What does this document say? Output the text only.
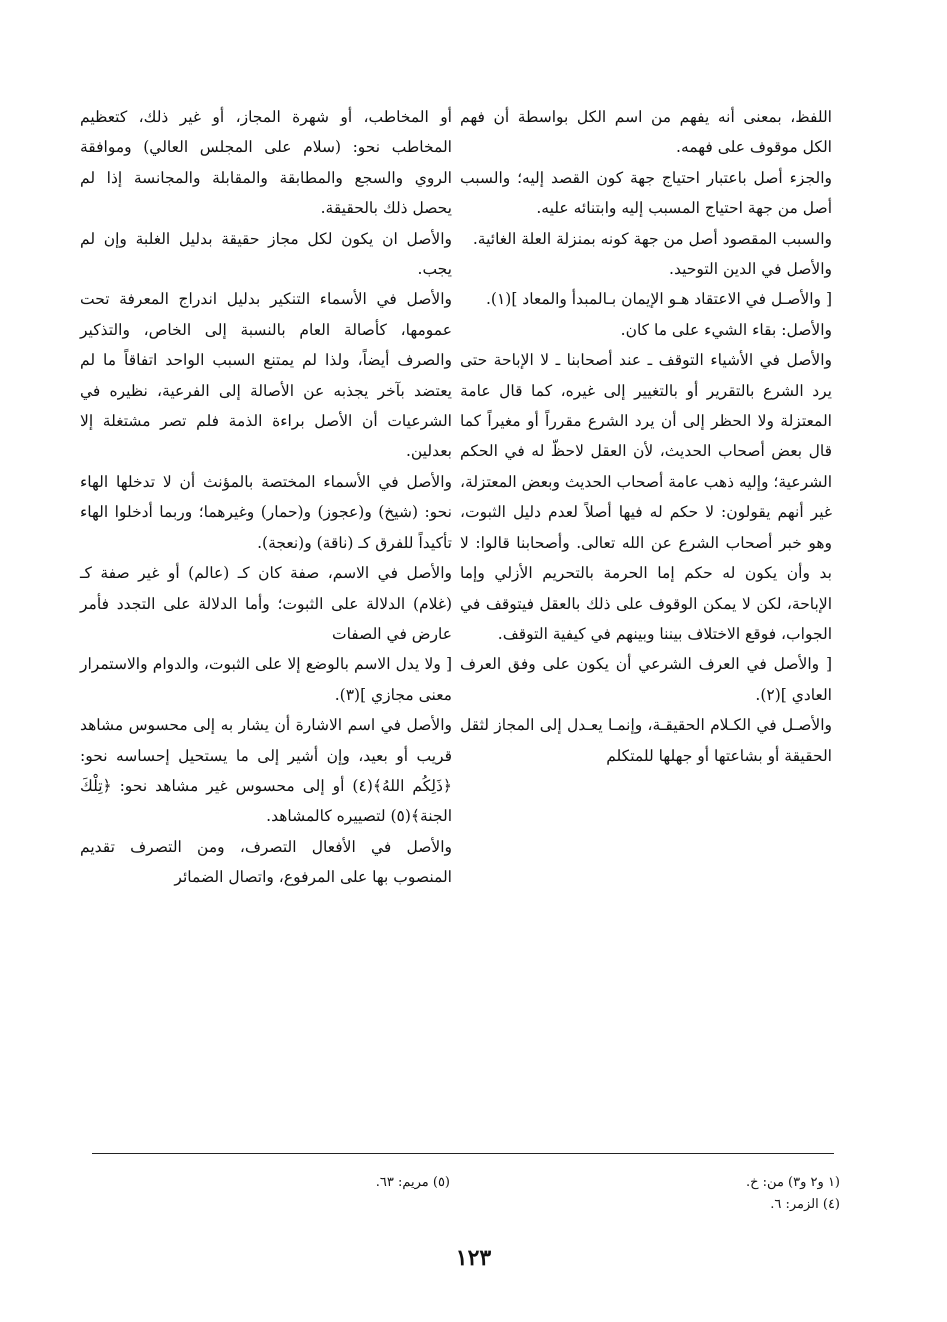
اللفظ، بمعنى أنه يفهم من اسم الكل بواسطة أن فهم الكل موقوف على فهمه.

والجزء أصل باعتبار احتياج جهة كون القصد إليه؛ والسبب أصل من جهة احتياج المسبب إليه وابتنائه عليه.

والسبب المقصود أصل من جهة كونه بمنزلة العلة الغائية.

والأصل في الدين التوحيد.

[ والأصـل في الاعتقاد هـو الإيمان بـالمبدأ والمعاد ](١).

والأصل: بقاء الشيء على ما كان.

والأصل في الأشياء التوقف ـ عند أصحابنا ـ لا الإباحة حتى يرد الشرع بالتقرير أو بالتغيير إلى غيره، كما قال عامة المعتزلة ولا الحظر إلى أن يرد الشرع مقرراً أو مغيراً كما قال بعض أصحاب الحديث، لأن العقل لاحظّ له في الحكم الشرعية؛ وإليه ذهب عامة أصحاب الحديث وبعض المعتزلة، غير أنهم يقولون: لا حكم له فيها أصلاً لعدم دليل الثبوت، وهو خبر أصحاب الشرع عن الله تعالى. وأصحابنا قالوا: لا بد وأن يكون له حكم إما الحرمة بالتحريم الأزلي وإما الإباحة، لكن لا يمكن الوقوف على ذلك بالعقل فيتوقف في الجواب، فوقع الاختلاف بيننا وبينهم في كيفية التوقف.

[ والأصل في العرف الشرعي أن يكون على وفق العرف العادي ](٢).

والأصـل في الكـلام الحقيقـة، وإنمـا يعـدل إلى المجاز لثقل الحقيقة أو بشاعتها أو جهلها للمتكلم

أو المخاطب، أو شهرة المجاز، أو غير ذلك، كتعظيم المخاطب نحو: (سلام على المجلس العالي) وموافقة الروي والسجع والمطابقة والمقابلة والمجانسة إذا لم يحصل ذلك بالحقيقة.

والأصل ان يكون لكل مجاز حقيقة بدليل الغلبة وإن لم يجب.

والأصل في الأسماء التنكير بدليل اندراج المعرفة تحت عمومها، كأصالة العام بالنسبة إلى الخاص، والتذكير والصرف أيضاً، ولذا لم يمتنع السبب الواحد اتفاقاً ما لم يعتضد بآخر يجذبه عن الأصالة إلى الفرعية، نظيره في الشرعيات أن الأصل براءة الذمة فلم تصر مشتغلة إلا بعدلين.

والأصل في الأسماء المختصة بالمؤنث أن لا تدخلها الهاء نحو: (شيخ) و(عجوز) و(حمار) وغيرهما؛ وربما أدخلوا الهاء تأكيداً للفرق كـ (ناقة) و(نعجة).

والأصل في الاسم، صفة كان كـ (عالم) أو غير صفة كـ (غلام) الدلالة على الثبوت؛ وأما الدلالة على التجدد فأمر عارض في الصفات

[ ولا يدل الاسم بالوضع إلا على الثبوت، والدوام والاستمرار معنى مجازي ](٣).

والأصل في اسم الاشارة أن يشار به إلى محسوس مشاهد قريب أو بعيد، وإن أشير إلى ما يستحيل إحساسه نحو: ﴿ذَلِكُم اللهُ﴾(٤) أو إلى محسوس غير مشاهد نحو: ﴿تِلْكَ الجنة﴾(٥) لتصييره كالمشاهد.

والأصل في الأفعال التصرف، ومن التصرف تقديم المنصوب بها على المرفوع، واتصال الضمائر

(١ و٢ و٣) من: خ.
(٤) الزمر: ٦.
(٥) مريم: ٦٣.
١٢٣
